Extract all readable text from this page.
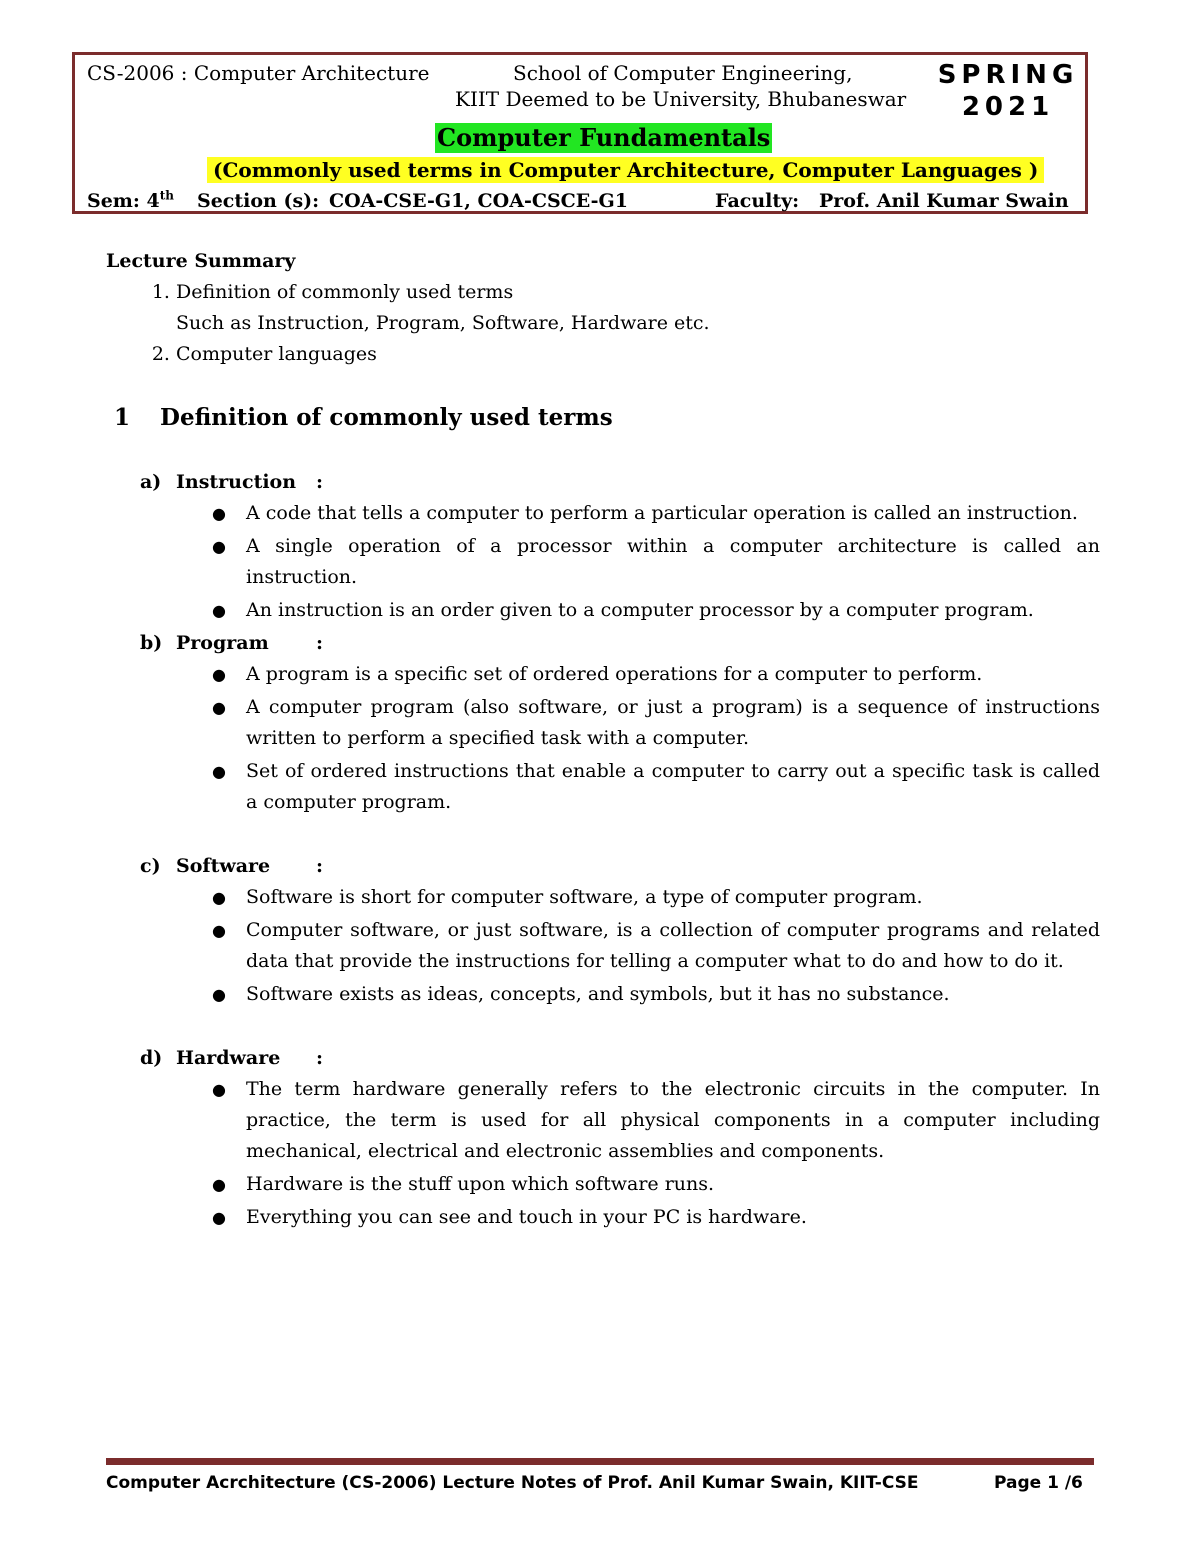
CS-2006 : Computer Architecture	School of Computer Engineering,
KIIT Deemed to be University, Bhubaneswar
SPRING
2021
Computer Fundamentals
(Commonly used terms in Computer Architecture, Computer Languages )
Sem: 4th Section (s): COA-CSE-G1, COA-CSCE-G1	Faculty: Prof. Anil Kumar Swain
Lecture Summary
1. Definition of commonly used terms
Such as Instruction, Program, Software, Hardware etc.
2. Computer languages
1 Definition of commonly used terms
a) Instruction :
● A code that tells a computer to perform a particular operation is called an instruction.
● A single operation of a processor within a computer architecture is called an instruction.
● An instruction is an order given to a computer processor by a computer program.
b) Program :
● A program is a specific set of ordered operations for a computer to perform.
● A computer program (also software, or just a program) is a sequence of instructions written to perform a specified task with a computer.
● Set of ordered instructions that enable a computer to carry out a specific task is called a computer program.
c) Software :
● Software is short for computer software, a type of computer program.
● Computer software, or just software, is a collection of computer programs and related data that provide the instructions for telling a computer what to do and how to do it.
● Software exists as ideas, concepts, and symbols, but it has no substance.
d) Hardware :
● The term hardware generally refers to the electronic circuits in the computer. In practice, the term is used for all physical components in a computer including mechanical, electrical and electronic assemblies and components.
● Hardware is the stuff upon which software runs.
● Everything you can see and touch in your PC is hardware.
Computer Acrchitecture (CS-2006) Lecture Notes of Prof. Anil Kumar Swain, KIIT-CSE	Page 1 /6
